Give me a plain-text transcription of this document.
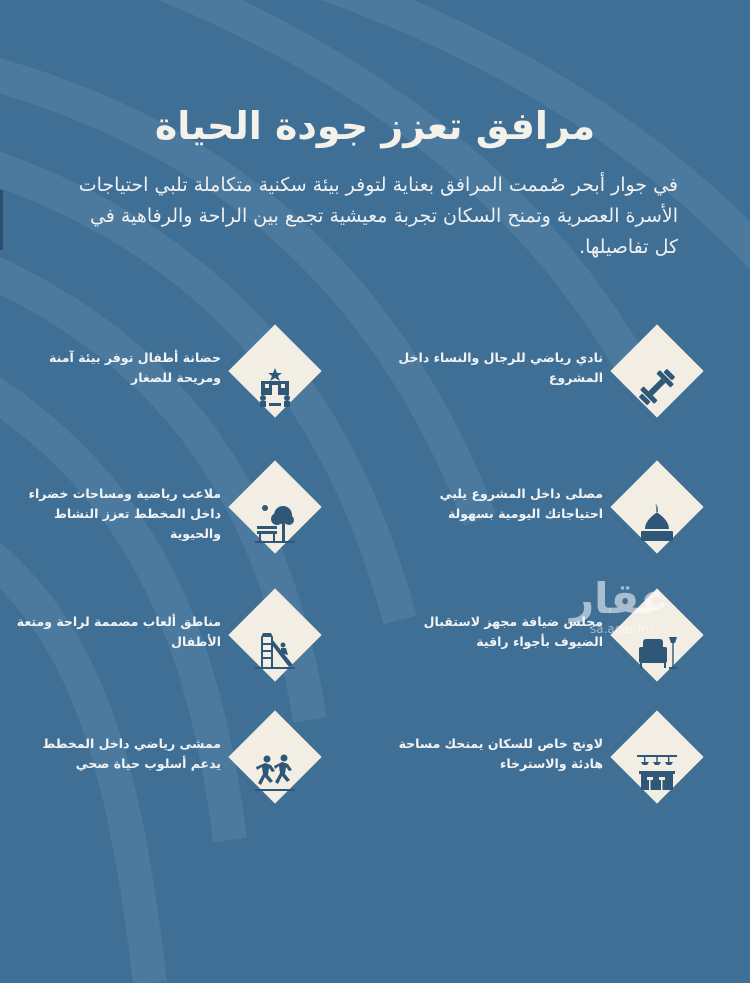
مرافق تعزز جودة الحياة

في جوار أبحر صُممت المرافق بعناية لتوفر بيئة سكنية متكاملة تلبي احتياجات الأسرة العصرية وتمنح السكان تجربة معيشية تجمع بين الراحة والرفاهية في كل تفاصيلها.

نادي رياضي للرجال والنساء داخل المشروع
حضانة أطفال توفر بيئة آمنة ومريحة للصغار
مصلى داخل المشروع يلبي احتياجاتك اليومية بسهولة
ملاعب رياضية ومساحات خضراء داخل المخطط تعزز النشاط والحيوية
مجلس ضيافة مجهز لاستقبال الضيوف بأجواء راقية
مناطق ألعاب مصممة لراحة ومتعة الأطفال
لاونج خاص للسكان يمنحك مساحة هادئة والاسترخاء
ممشى رياضي داخل المخطط يدعم أسلوب حياة صحي
عقار
sa.aqar.fm
